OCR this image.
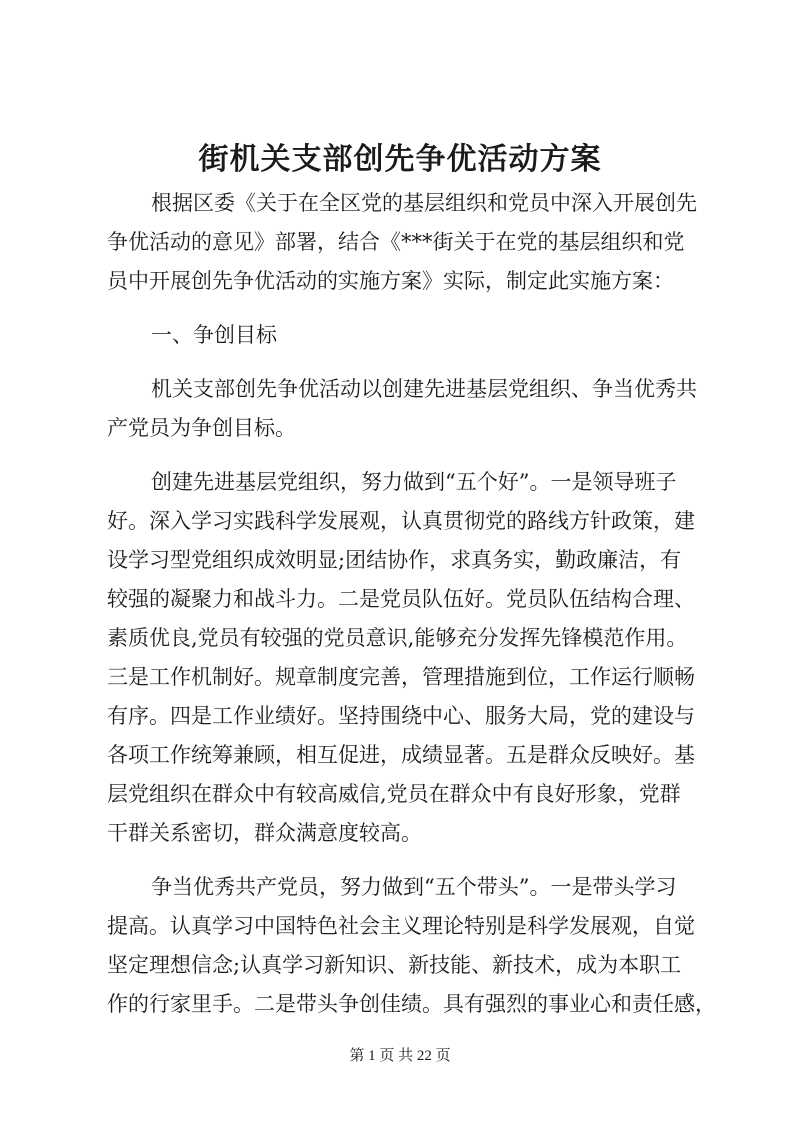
街机关支部创先争优活动方案
根据区委《关于在全区党的基层组织和党员中深入开展创先
争优活动的意见》部署，结合《***街关于在党的基层组织和党
员中开展创先争优活动的实施方案》实际，制定此实施方案：
一、争创目标
机关支部创先争优活动以创建先进基层党组织、争当优秀共
产党员为争创目标。
创建先进基层党组织，努力做到“五个好”。一是领导班子
好。深入学习实践科学发展观，认真贯彻党的路线方针政策，建
设学习型党组织成效明显;团结协作，求真务实，勤政廉洁，有
较强的凝聚力和战斗力。二是党员队伍好。党员队伍结构合理、
素质优良,党员有较强的党员意识,能够充分发挥先锋模范作用。
三是工作机制好。规章制度完善，管理措施到位，工作运行顺畅
有序。四是工作业绩好。坚持围绕中心、服务大局，党的建设与
各项工作统筹兼顾，相互促进，成绩显著。五是群众反映好。基
层党组织在群众中有较高威信,党员在群众中有良好形象，党群
干群关系密切，群众满意度较高。
争当优秀共产党员，努力做到“五个带头”。一是带头学习
提高。认真学习中国特色社会主义理论特别是科学发展观，自觉
坚定理想信念;认真学习新知识、新技能、新技术，成为本职工
作的行家里手。二是带头争创佳绩。具有强烈的事业心和责任感，
第 1 页 共 22 页
